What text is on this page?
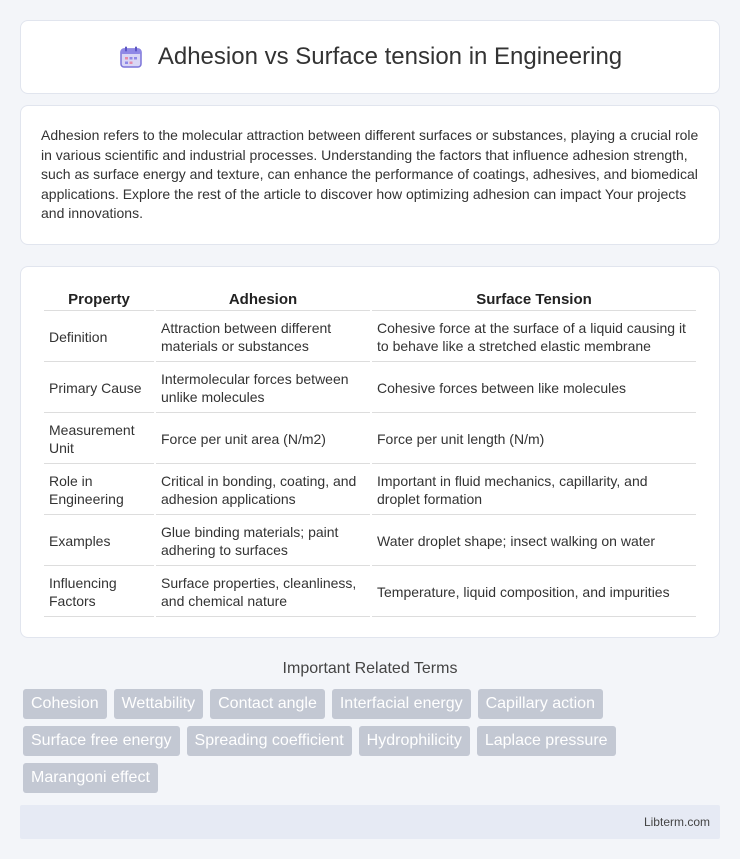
Adhesion vs Surface tension in Engineering

Adhesion refers to the molecular attraction between different surfaces or substances, playing a crucial role in various scientific and industrial processes. Understanding the factors that influence adhesion strength, such as surface energy and texture, can enhance the performance of coatings, adhesives, and biomedical applications. Explore the rest of the article to discover how optimizing adhesion can impact Your projects and innovations.

Property	Adhesion	Surface Tension
Definition	Attraction between different materials or substances	Cohesive force at the surface of a liquid causing it to behave like a stretched elastic membrane
Primary Cause	Intermolecular forces between unlike molecules	Cohesive forces between like molecules
Measurement Unit	Force per unit area (N/m2)	Force per unit length (N/m)
Role in Engineering	Critical in bonding, coating, and adhesion applications	Important in fluid mechanics, capillarity, and droplet formation
Examples	Glue binding materials; paint adhering to surfaces	Water droplet shape; insect walking on water
Influencing Factors	Surface properties, cleanliness, and chemical nature	Temperature, liquid composition, and impurities
Important Related Terms
Cohesion	Wettability	Contact angle	Interfacial energy	Capillary action
Surface free energy	Spreading coefficient	Hydrophilicity	Laplace pressure
Marangoni effect
Libterm.com
